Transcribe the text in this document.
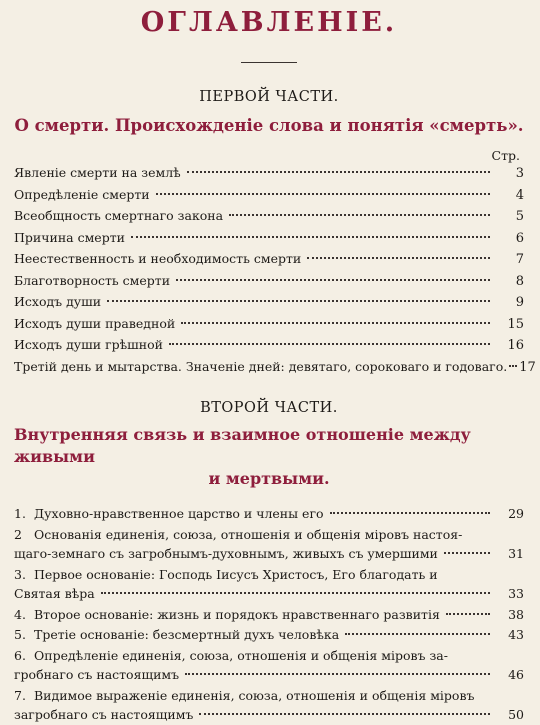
ОГЛАВЛЕНІЕ.
ПЕРВОЙ ЧАСТИ.
О смерти. Происхожденіе слова и понятія «смерть».
Стр.
Явленіе смерти на землѣ	3
Опредѣленіе смерти	4
Всеобщность смертнаго закона	5
Причина смерти	6
Неестественность и необходимость смерти	7
Благотворность смерти	8
Исходъ души	9
Исходъ души праведной	15
Исходъ души грѣшной	16
Третій день и мытарства. Значеніе дней: девятаго, сороковаго и годоваго. 17
ВТОРОЙ ЧАСТИ.
Внутренняя связь и взаимное отношеніе между живыми
и мертвыми.
1. Духовно-нравственное царство и члены его	29
2 Основанія единенія, союза, отношенія и общенія міровъ настоя-
щаго-земнаго съ загробнымъ-духовнымъ, живыхъ съ умершими	31
3. Первое основаніе: Господь Іисусъ Христосъ, Его благодать и
Святая вѣра	33
4. Второе основаніе: жизнь и порядокъ нравственнаго развитія	38
5. Третіе основаніе: безсмертный духъ человѣка	43
6. Опредѣленіе единенія, союза, отношенія и общенія міровъ за-
гробнаго съ настоящимъ	46
7. Видимое выраженіе единенія, союза, отношенія и общенія міровъ
загробнаго съ настоящимъ	50
